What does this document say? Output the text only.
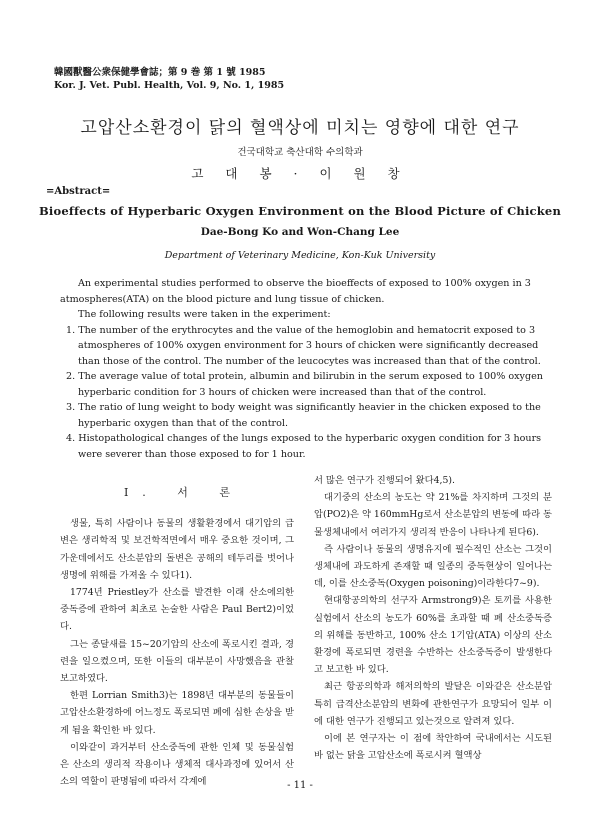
韓國獸醫公衆保健學會誌；第 9 巻 第 1 號 1985
Kor. J. Vet. Publ. Health, Vol. 9, No. 1, 1985
고압산소환경이 닭의 혈액상에 미치는 영향에 대한 연구
건국대학교 축산대학 수의학과
고 대 봉 · 이 원 창
=Abstract=
Bioeffects of Hyperbaric Oxygen Environment on the Blood Picture of Chicken
Dae-Bong Ko and Won-Chang Lee
Department of Veterinary Medicine, Kon-Kuk University

An experimental studies performed to observe the bioeffects of exposed to 100% oxygen in 3 atmospheres(ATA) on the blood picture and lung tissue of chicken.

The following results were taken in the experiment:

1. The number of the erythrocytes and the value of the hemoglobin and hematocrit exposed to 3 atmospheres of 100% oxygen environment for 3 hours of chicken were significantly decreased than those of the control. The number of the leucocytes was increased than that of the control.
2. The average value of total protein, albumin and bilirubin in the serum exposed to 100% oxygen hyperbaric condition for 3 hours of chicken were increased than that of the control.
3. The ratio of lung weight to body weight was significantly heavier in the chicken exposed to the hyperbaric oxygen than that of the control.
4. Histopathological changes of the lungs exposed to the hyperbaric oxygen condition for 3 hours were severer than those exposed to for 1 hour.
Ⅰ. 서 론

생물, 특히 사람이나 동물의 생활환경에서 대기압의 급변은 생리학적 및 보건학적면에서 매우 중요한 것이며, 그 가운데에서도 산소분압의 돌변은 공해의 테두리를 벗어나 생명에 위해를 가져올 수 있다1).

1774년 Priestley가 산소를 발견한 이래 산소에의한 중독증에 관하여 최초로 논술한 사람은 Paul Bert2)이었다.

그는 종달새를 15~20기압의 산소에 폭로시킨 결과, 경련을 일으켰으며, 또한 이들의 대부분이 사망했음을 관찰보고하였다.

한편 Lorrian Smith3)는 1898년 대부분의 동물들이 고압산소환경하에 어느정도 폭로되면 폐에 심한 손상을 받게 됨을 확인한 바 있다.

이와같이 과거부터 산소중독에 관한 인체 및 동물실험은 산소의 생리적 작용이나 생체적 대사과정에 있어서 산소의 역할이 판명됨에 따라서 각계에

서 많은 연구가 진행되어 왔다4,5).

대기중의 산소의 농도는 약 21%를 차지하며 그것의 분압(PO2)은 약 160mmHg로서 산소분압의 변동에 따라 동물생체내에서 여러가지 생리적 반응이 나타나게 된다6).

즉 사람이나 동물의 생명유지에 필수적인 산소는 그것이 생체내에 과도하게 존재할 때 일종의 중독현상이 일어나는데, 이를 산소중독(Oxygen poisoning)이라한다7~9).

현대항공의학의 선구자 Armstrong9)은 토끼를 사용한 실험에서 산소의 농도가 60%를 초과할 때 폐 산소중독증의 위해를 동반하고, 100% 산소 1기압(ATA) 이상의 산소환경에 폭로되면 경련을 수반하는 산소중독증이 발생한다고 보고한 바 있다.

최근 항공의학과 해저의학의 발달은 이와같은 산소분압 특히 급격산소분압의 변화에 관한연구가 요망되어 일부 이에 대한 연구가 진행되고 있는것으로 알려져 있다.

이에 본 연구자는 이 점에 착안하여 국내에서는 시도된 바 없는 닭을 고압산소에 폭로시켜 혈액상

- 11 -
